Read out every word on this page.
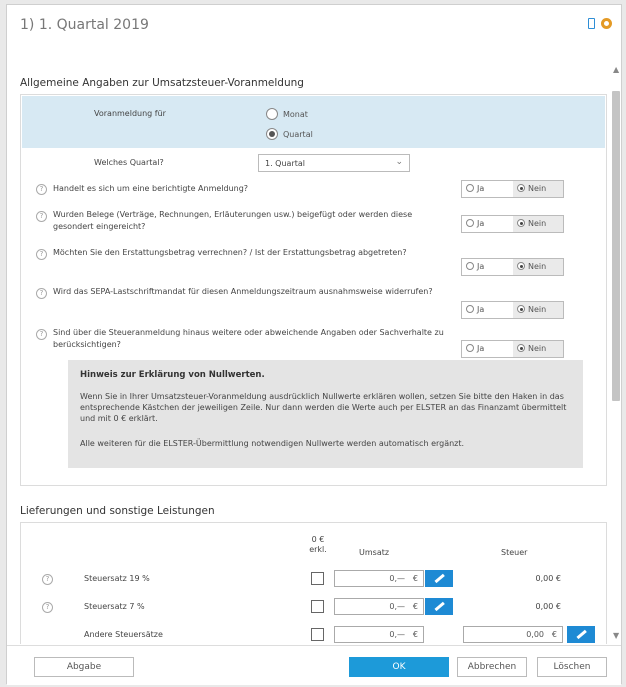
1) 1. Quartal 2019
Allgemeine Angaben zur Umsatzsteuer-Voranmeldung
Voranmeldung für	Monat
Quartal
Welches Quartal?	1. Quartal	⌄
?	Handelt es sich um eine berichtigte Anmeldung?	Ja	Nein
?	Wurden Belege (Verträge, Rechnungen, Erläuterungen usw.) beigefügt oder werden diese gesondert eingereicht?	Ja	Nein
?	Möchten Sie den Erstattungsbetrag verrechnen? / Ist der Erstattungsbetrag abgetreten?
Ja	Nein
?	Wird das SEPA-Lastschriftmandat für diesen Anmeldungszeitraum ausnahmsweise widerrufen?
Ja	Nein
?	Sind über die Steueranmeldung hinaus weitere oder abweichende Angaben oder Sachverhalte zu berücksichtigen?	Ja	Nein
Hinweis zur Erklärung von Nullwerten.
Wenn Sie in Ihrer Umsatzsteuer-Voranmeldung ausdrücklich Nullwerte erklären wollen, setzen Sie bitte den Haken in das entsprechende Kästchen der jeweiligen Zeile. Nur dann werden die Werte auch per ELSTER an das Finanzamt übermittelt und mit 0 € erklärt.
Alle weiteren für die ELSTER-Übermittlung notwendigen Nullwerte werden automatisch ergänzt.
Lieferungen und sonstige Leistungen
0 €
erkl.	Umsatz	Steuer
?	Steuersatz 19 %	0,— €	0,00 €
?	Steuersatz 7 %	0,— €	0,00 €
Andere Steuersätze	0,— €	0,00 €
▲
▼
Abgabe	OK	Abbrechen	Löschen
